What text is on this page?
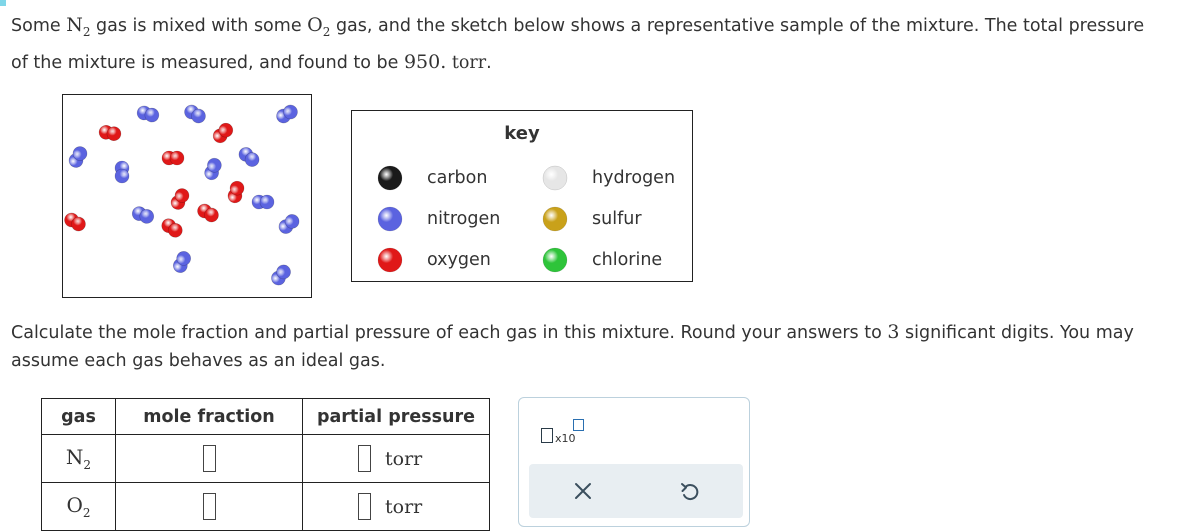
Some $N_2$ gas is mixed with some $O_2$ gas, and the sketch below shows a representative sample of the mixture. The total pressure
of the mixture is measured, and found to be 950. torr.
key
carbon	hydrogen
nitrogen	sulfur
oxygen	chlorine
Calculate the mole fraction and partial pressure of each gas in this mixture. Round your answers to 3 significant digits. You may assume each gas behaves as an ideal gas.
gas	mole fraction	partial pressure
$N_2$		torr

$O_2$		torr
x10
